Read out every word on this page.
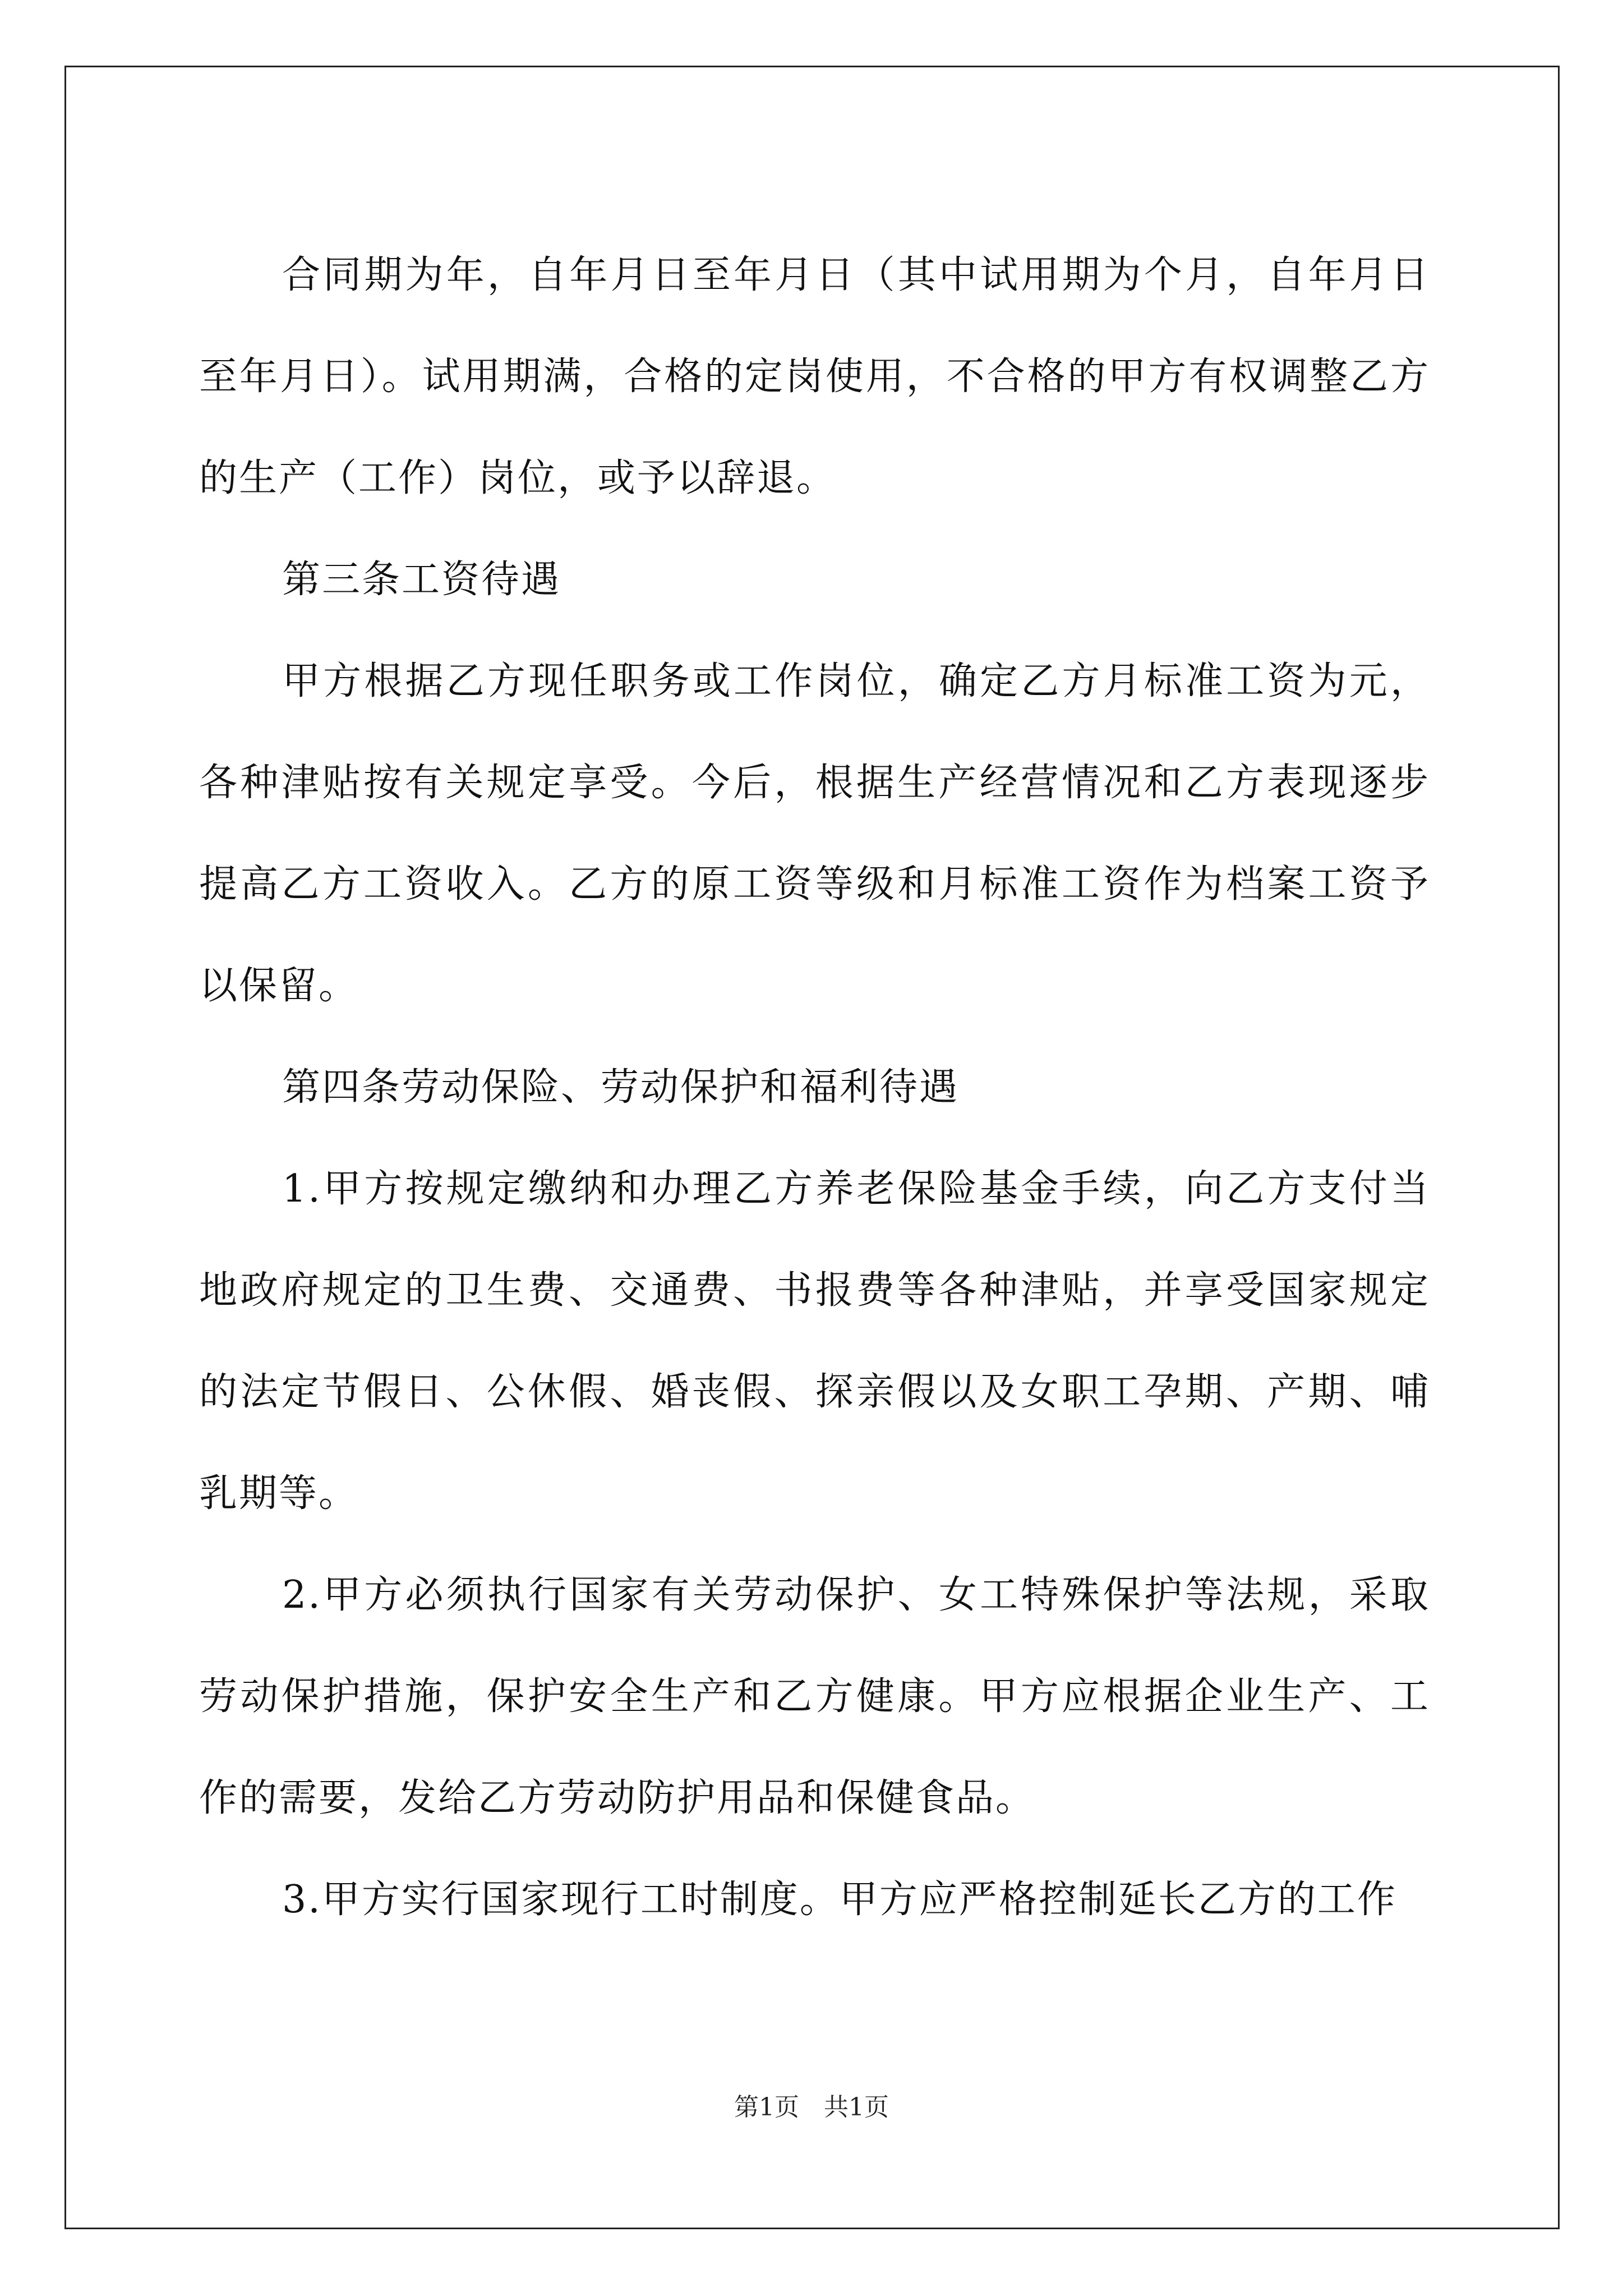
合同期为年，自年月日至年月日（其中试用期为个月，自年月日至年月日）。试用期满，合格的定岗使用，不合格的甲方有权调整乙方的生产（工作）岗位，或予以辞退。

第三条工资待遇

甲方根据乙方现任职务或工作岗位，确定乙方月标准工资为元，各种津贴按有关规定享受。今后，根据生产经营情况和乙方表现逐步提高乙方工资收入。乙方的原工资等级和月标准工资作为档案工资予以保留。

第四条劳动保险、劳动保护和福利待遇

1.甲方按规定缴纳和办理乙方养老保险基金手续，向乙方支付当地政府规定的卫生费、交通费、书报费等各种津贴，并享受国家规定的法定节假日、公休假、婚丧假、探亲假以及女职工孕期、产期、哺乳期等。

2.甲方必须执行国家有关劳动保护、女工特殊保护等法规，采取劳动保护措施，保护安全生产和乙方健康。甲方应根据企业生产、工作的需要，发给乙方劳动防护用品和保健食品。

3.甲方实行国家现行工时制度。甲方应严格控制延长乙方的工作

第1页　共1页
